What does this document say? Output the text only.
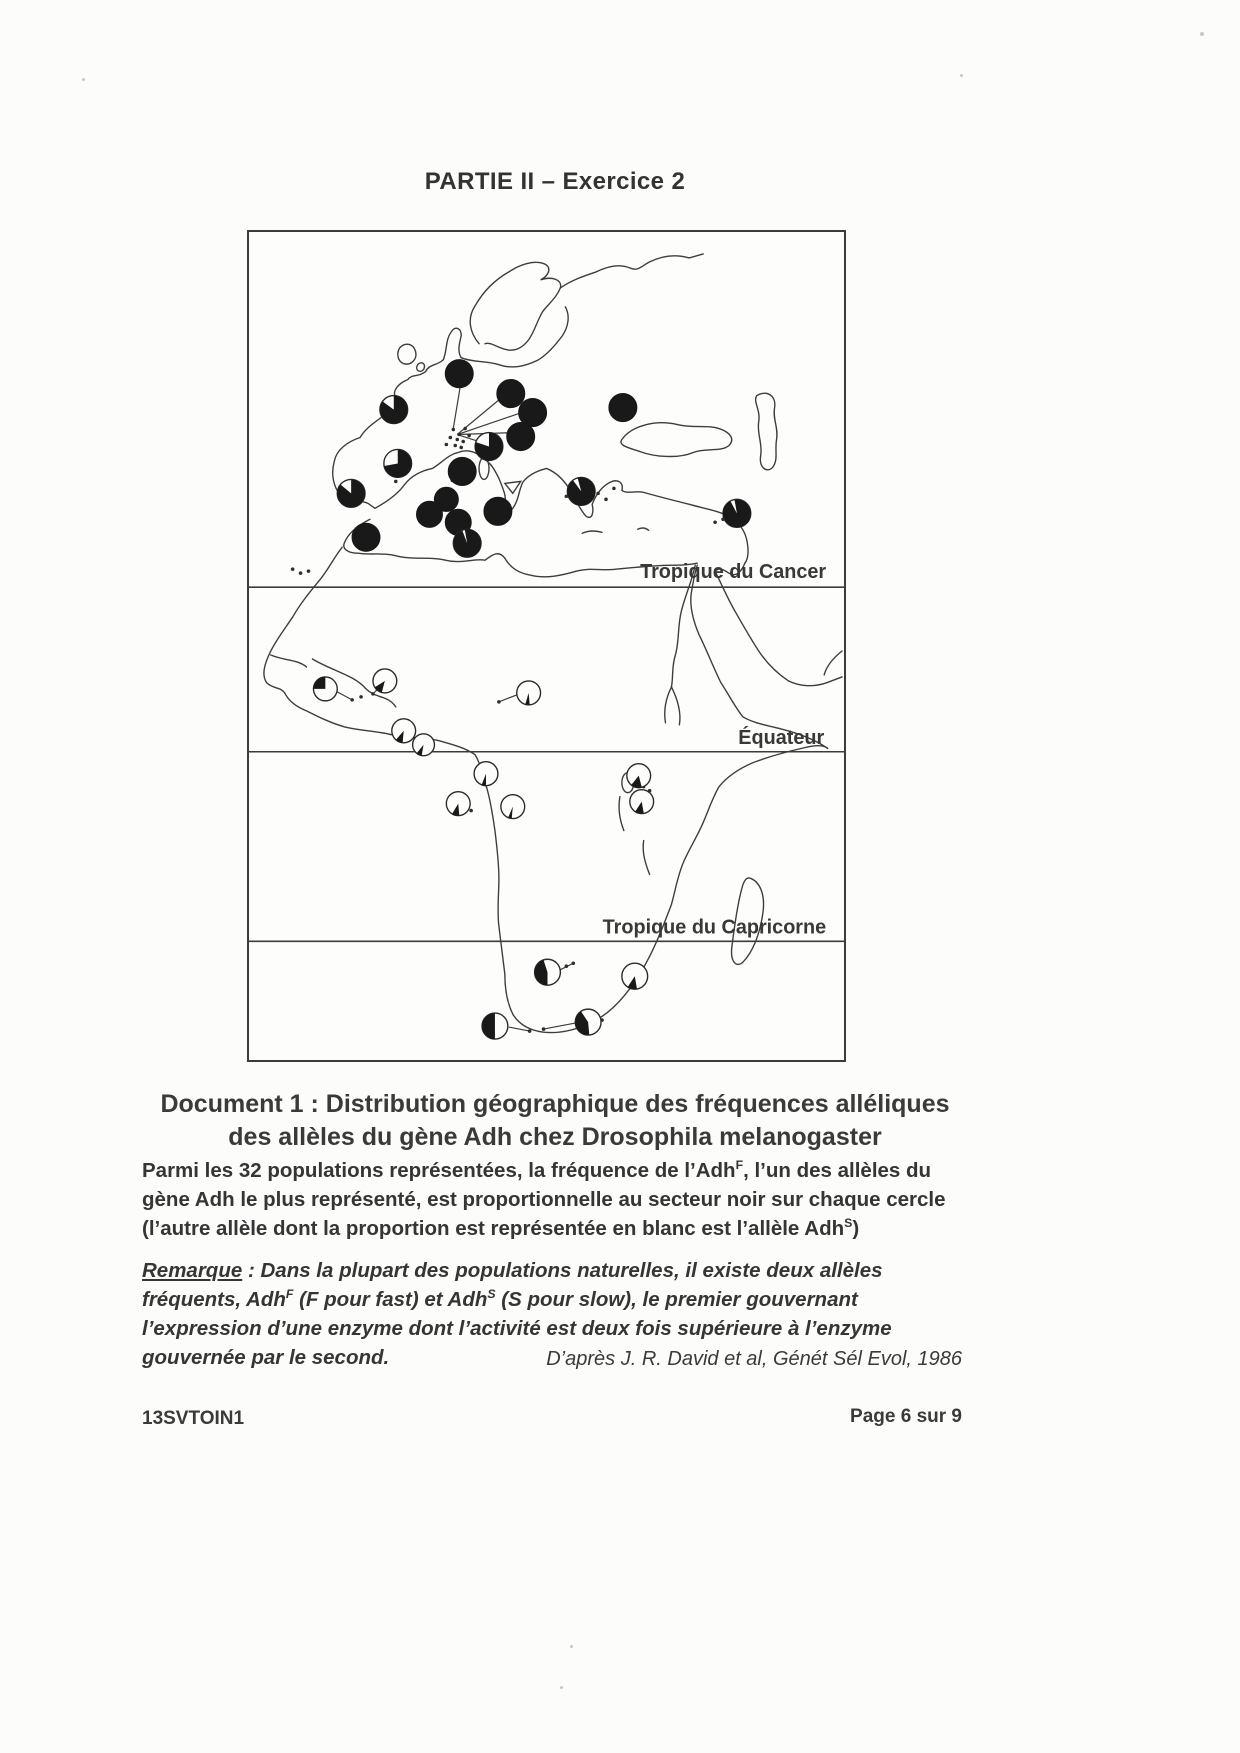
PARTIE II – Exercice 2
Tropique du Cancer
Équateur
Tropique du Capricorne
Document 1 : Distribution géographique des fréquences alléliques
des allèles du gène Adh chez Drosophila melanogaster

Parmi les 32 populations représentées, la fréquence de l’Adh$^F$, l’un des allèles du gène Adh le plus représenté, est proportionnelle au secteur noir sur chaque cercle (l’autre allèle dont la proportion est représentée en blanc est l’allèle Adh$^S$)

Remarque : Dans la plupart des populations naturelles, il existe deux allèles fréquents, Adh$^F$ (F pour fast) et Adh$^S$ (S pour slow), le premier gouvernant l’expression d’une enzyme dont l’activité est deux fois supérieure à l’enzyme gouvernée par le second.	D’après J. R. David et al, Génét Sél Evol, 1986
13SVTOIN1	Page 6 sur 9
